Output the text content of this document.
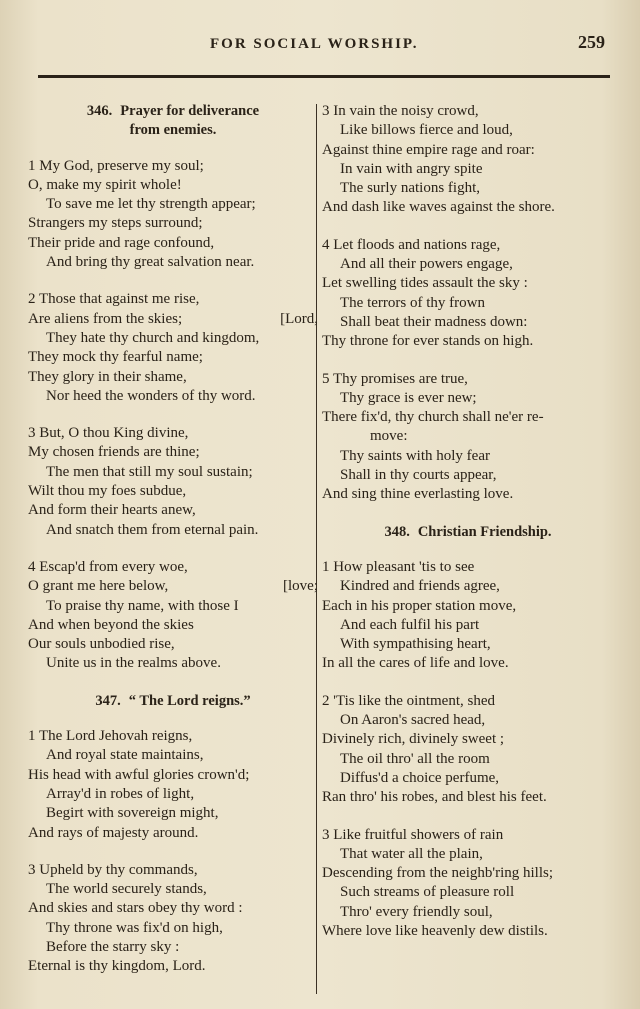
FOR SOCIAL WORSHIP.	259
346. Prayer for deliverance
from enemies.
1 My God, preserve my soul;
O, make my spirit whole!
To save me let thy strength appear;
Strangers my steps surround;
Their pride and rage confound,
And bring thy great salvation near.
2 Those that against me rise,
Are aliens from the skies;	[Lord,
They hate thy church and kingdom,
They mock thy fearful name;
They glory in their shame,
Nor heed the wonders of thy word.
3 But, O thou King divine,
My chosen friends are thine;
The men that still my soul sustain;
Wilt thou my foes subdue,
And form their hearts anew,
And snatch them from eternal pain.
4 Escap'd from every woe,
O grant me here below,	[love;
To praise thy name, with those I
And when beyond the skies
Our souls unbodied rise,
Unite us in the realms above.
347. “ The Lord reigns.”
1 The Lord Jehovah reigns,
And royal state maintains,
His head with awful glories crown'd;
Array'd in robes of light,
Begirt with sovereign might,
And rays of majesty around.
3 Upheld by thy commands,
The world securely stands,
And skies and stars obey thy word :
Thy throne was fix'd on high,
Before the starry sky :
Eternal is thy kingdom, Lord.
3 In vain the noisy crowd,
Like billows fierce and loud,
Against thine empire rage and roar:
In vain with angry spite
The surly nations fight,
And dash like waves against the shore.
4 Let floods and nations rage,
And all their powers engage,
Let swelling tides assault the sky :
The terrors of thy frown
Shall beat their madness down:
Thy throne for ever stands on high.
5 Thy promises are true,
Thy grace is ever new;
There fix'd, thy church shall ne'er re-
move:
Thy saints with holy fear
Shall in thy courts appear,
And sing thine everlasting love.
348. Christian Friendship.
1 How pleasant 'tis to see
Kindred and friends agree,
Each in his proper station move,
And each fulfil his part
With sympathising heart,
In all the cares of life and love.
2 'Tis like the ointment, shed
On Aaron's sacred head,
Divinely rich, divinely sweet ;
The oil thro' all the room
Diffus'd a choice perfume,
Ran thro' his robes, and blest his feet.
3 Like fruitful showers of rain
That water all the plain,
Descending from the neighb'ring hills;
Such streams of pleasure roll
Thro' every friendly soul,
Where love like heavenly dew distils.
